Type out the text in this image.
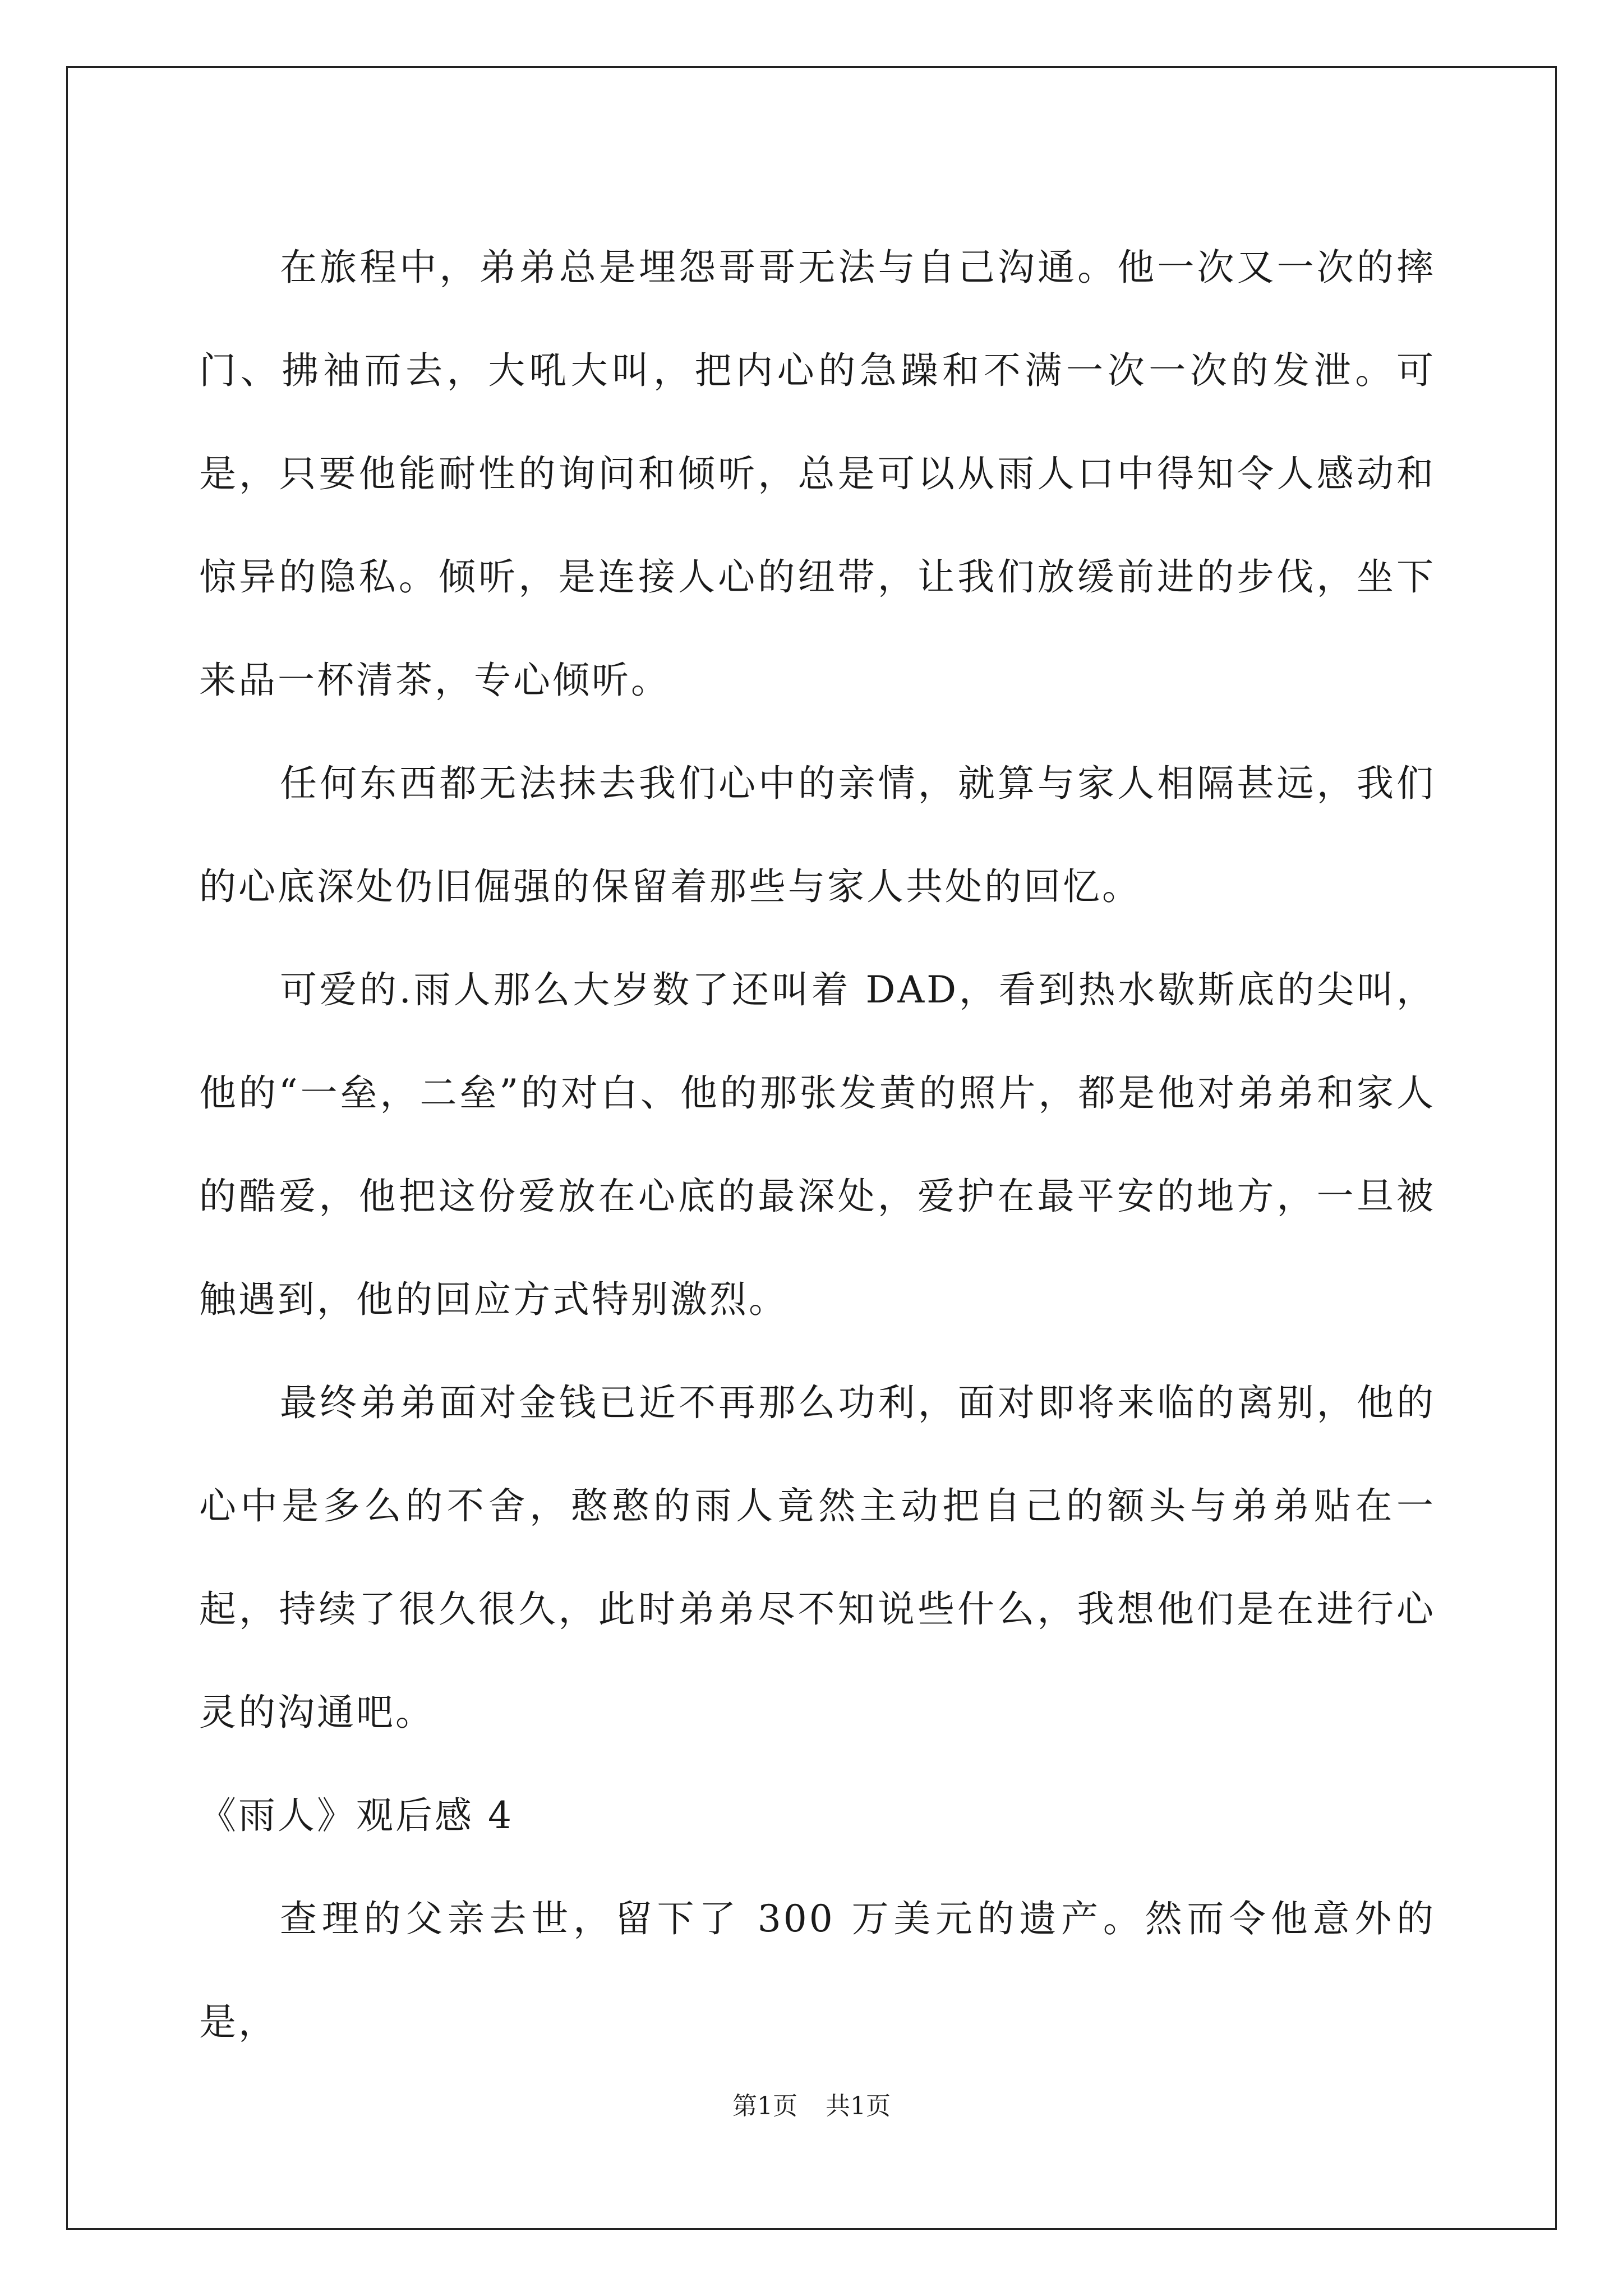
在旅程中，弟弟总是埋怨哥哥无法与自己沟通。他一次又一次的摔门、拂袖而去，大吼大叫，把内心的急躁和不满一次一次的发泄。可是，只要他能耐性的询问和倾听，总是可以从雨人口中得知令人感动和惊异的隐私。倾听，是连接人心的纽带，让我们放缓前进的步伐，坐下来品一杯清茶，专心倾听。

任何东西都无法抹去我们心中的亲情，就算与家人相隔甚远，我们的心底深处仍旧倔强的保留着那些与家人共处的回忆。

可爱的.雨人那么大岁数了还叫着 DAD，看到热水歇斯底的尖叫，他的“一垒，二垒”的对白、他的那张发黄的照片，都是他对弟弟和家人的酷爱，他把这份爱放在心底的最深处，爱护在最平安的地方，一旦被触遇到，他的回应方式特别激烈。

最终弟弟面对金钱已近不再那么功利，面对即将来临的离别，他的心中是多么的不舍，憨憨的雨人竟然主动把自己的额头与弟弟贴在一起，持续了很久很久，此时弟弟尽不知说些什么，我想他们是在进行心灵的沟通吧。

《雨人》观后感 4

查理的父亲去世，留下了 300 万美元的遗产。然而令他意外的是，

第1页 共1页
